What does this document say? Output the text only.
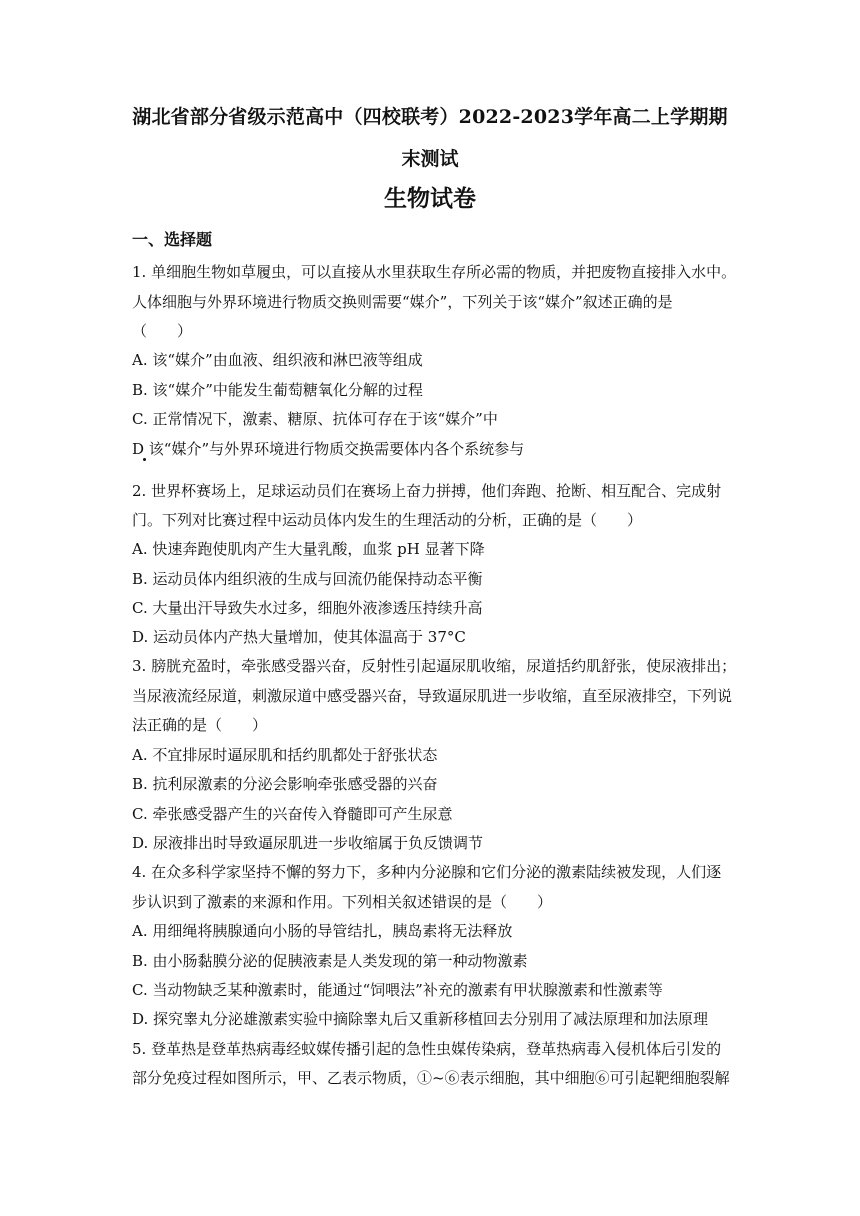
湖北省部分省级示范高中（四校联考）2022-2023学年高二上学期期
末测试
生物试卷
一、选择题
1. 单细胞生物如草履虫，可以直接从水里获取生存所必需的物质，并把废物直接排入水中。
人体细胞与外界环境进行物质交换则需要“媒介”，下列关于该“媒介”叙述正确的是
（　　）
A. 该“媒介”由血液、组织液和淋巴液等组成
B. 该“媒介”中能发生葡萄糖氧化分解的过程
C. 正常情况下，激素、糖原、抗体可存在于该“媒介”中
D 该“媒介”与外界环境进行物质交换需要体内各个系统参与
2. 世界杯赛场上，足球运动员们在赛场上奋力拼搏，他们奔跑、抢断、相互配合、完成射
门。下列对比赛过程中运动员体内发生的生理活动的分析，正确的是（　　）
A. 快速奔跑使肌肉产生大量乳酸，血浆 pH 显著下降
B. 运动员体内组织液的生成与回流仍能保持动态平衡
C. 大量出汗导致失水过多，细胞外液渗透压持续升高
D. 运动员体内产热大量增加，使其体温高于 37°C
3. 膀胱充盈时，牵张感受器兴奋，反射性引起逼尿肌收缩，尿道括约肌舒张，使尿液排出；
当尿液流经尿道，刺激尿道中感受器兴奋，导致逼尿肌进一步收缩，直至尿液排空，下列说
法正确的是（　　）
A. 不宜排尿时逼尿肌和括约肌都处于舒张状态
B. 抗利尿激素的分泌会影响牵张感受器的兴奋
C. 牵张感受器产生的兴奋传入脊髓即可产生尿意
D. 尿液排出时导致逼尿肌进一步收缩属于负反馈调节
4. 在众多科学家坚持不懈的努力下，多种内分泌腺和它们分泌的激素陆续被发现，人们逐
步认识到了激素的来源和作用。下列相关叙述错误的是（　　）
A. 用细绳将胰腺通向小肠的导管结扎，胰岛素将无法释放
B. 由小肠黏膜分泌的促胰液素是人类发现的第一种动物激素
C. 当动物缺乏某种激素时，能通过“饲喂法”补充的激素有甲状腺激素和性激素等
D. 探究睾丸分泌雄激素实验中摘除睾丸后又重新移植回去分别用了减法原理和加法原理
5. 登革热是登革热病毒经蚊媒传播引起的急性虫媒传染病，登革热病毒入侵机体后引发的
部分免疫过程如图所示，甲、乙表示物质，①~⑥表示细胞，其中细胞⑥可引起靶细胞裂解
